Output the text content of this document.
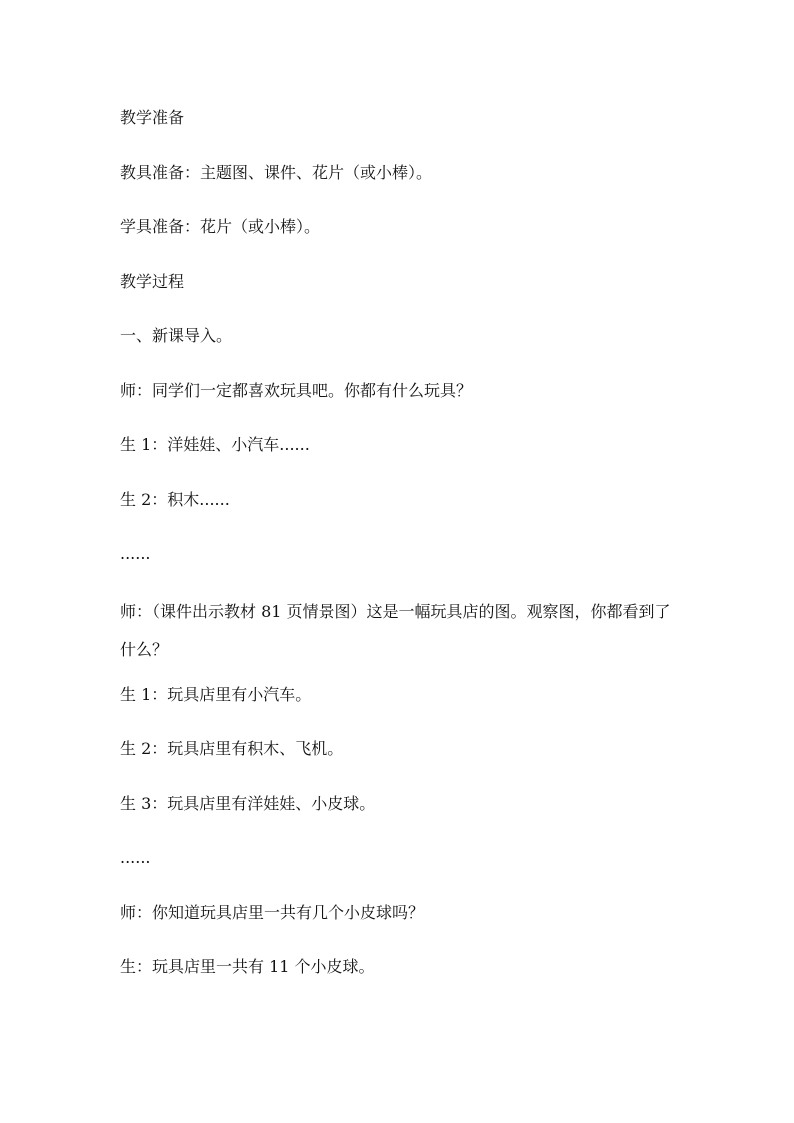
教学准备

教具准备：主题图、课件、花片（或小棒）。

学具准备：花片（或小棒）。

教学过程

一、新课导入。

师：同学们一定都喜欢玩具吧。你都有什么玩具？

生 1：洋娃娃、小汽车......

生 2：积木......

......

师：（课件出示教材 81 页情景图）这是一幅玩具店的图。观察图，你都看到了什么？

生 1：玩具店里有小汽车。

生 2：玩具店里有积木、飞机。

生 3：玩具店里有洋娃娃、小皮球。

......

师：你知道玩具店里一共有几个小皮球吗？

生：玩具店里一共有 11 个小皮球。
